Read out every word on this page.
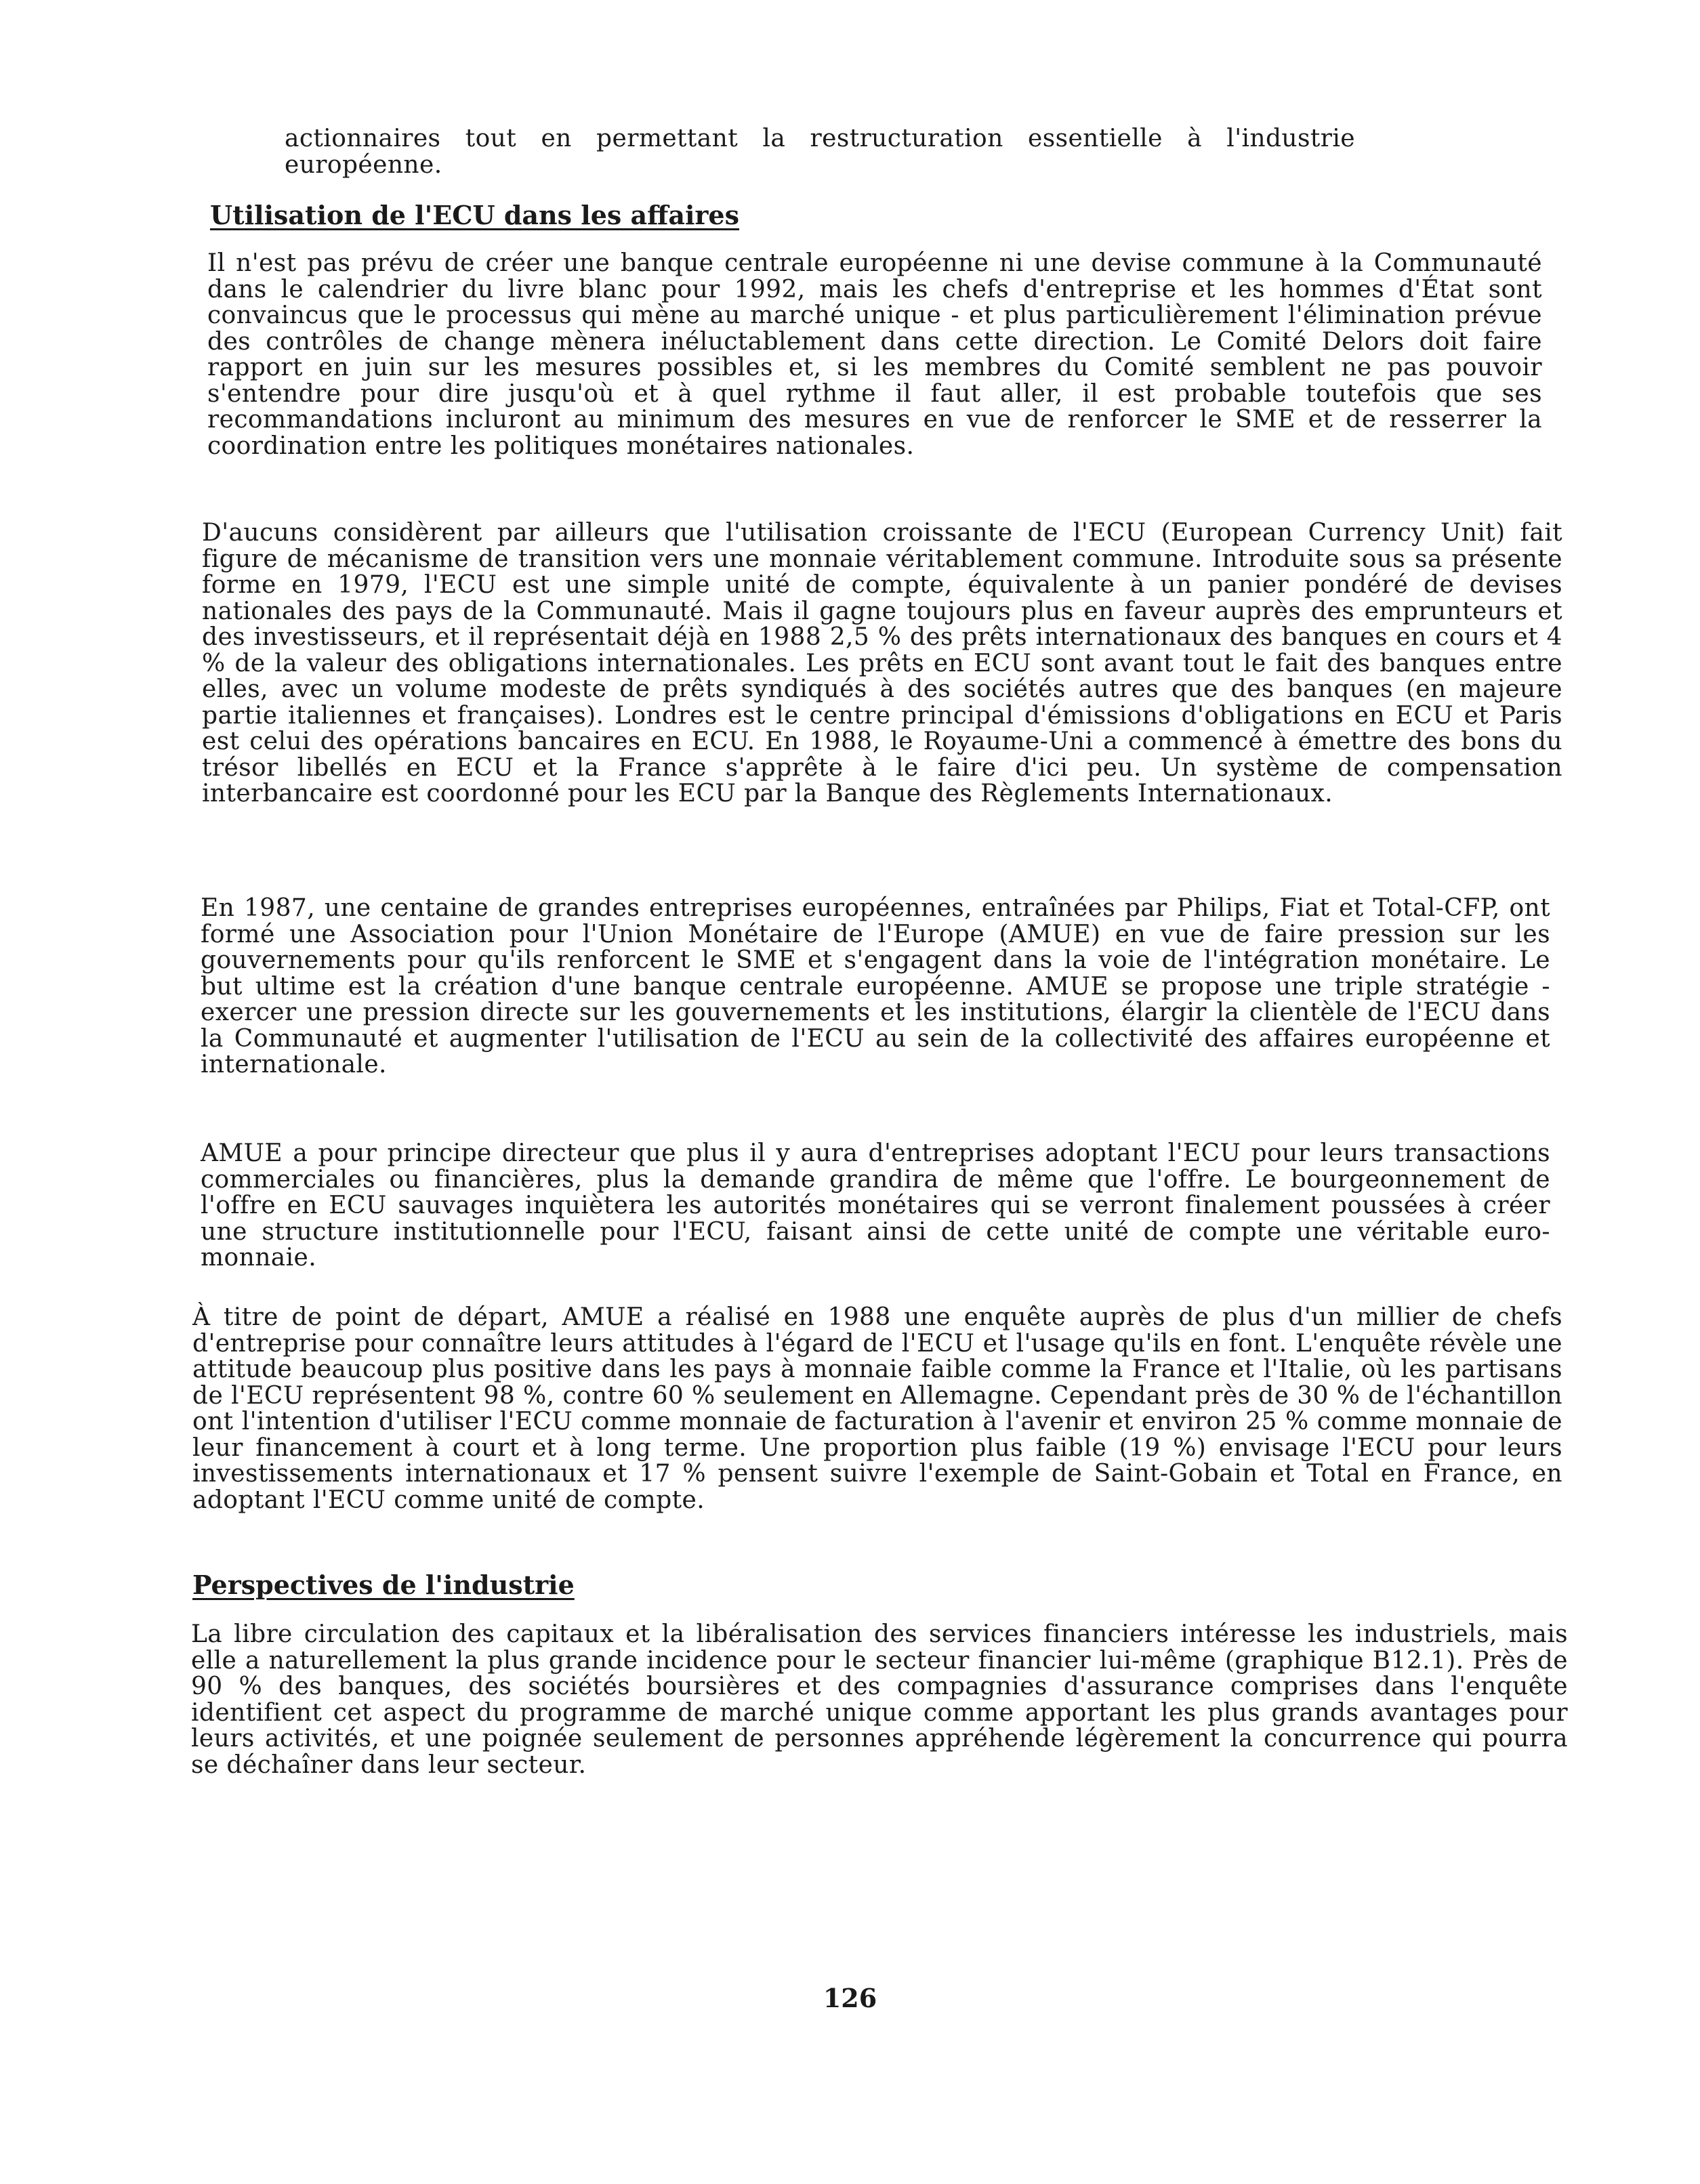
actionnaires tout en permettant la restructuration essentielle à l'industrie européenne.

Utilisation de l'ECU dans les affaires

Il n'est pas prévu de créer une banque centrale européenne ni une devise commune à la Communauté dans le calendrier du livre blanc pour 1992, mais les chefs d'entreprise et les hommes d'État sont convaincus que le processus qui mène au marché unique - et plus particulièrement l'élimination prévue des contrôles de change mènera inéluctablement dans cette direction. Le Comité Delors doit faire rapport en juin sur les mesures possibles et, si les membres du Comité semblent ne pas pouvoir s'entendre pour dire jusqu'où et à quel rythme il faut aller, il est probable toutefois que ses recommandations incluront au minimum des mesures en vue de renforcer le SME et de resserrer la coordination entre les politiques monétaires nationales.

D'aucuns considèrent par ailleurs que l'utilisation croissante de l'ECU (European Currency Unit) fait figure de mécanisme de transition vers une monnaie véritablement commune. Introduite sous sa présente forme en 1979, l'ECU est une simple unité de compte, équivalente à un panier pondéré de devises nationales des pays de la Communauté. Mais il gagne toujours plus en faveur auprès des emprunteurs et des investisseurs, et il représentait déjà en 1988 2,5 % des prêts internationaux des banques en cours et 4 % de la valeur des obligations internationales. Les prêts en ECU sont avant tout le fait des banques entre elles, avec un volume modeste de prêts syndiqués à des sociétés autres que des banques (en majeure partie italiennes et françaises). Londres est le centre principal d'émissions d'obligations en ECU et Paris est celui des opérations bancaires en ECU. En 1988, le Royaume-Uni a commencé à émettre des bons du trésor libellés en ECU et la France s'apprête à le faire d'ici peu. Un système de compensation interbancaire est coordonné pour les ECU par la Banque des Règlements Internationaux.

En 1987, une centaine de grandes entreprises européennes, entraînées par Philips, Fiat et Total-CFP, ont formé une Association pour l'Union Monétaire de l'Europe (AMUE) en vue de faire pression sur les gouvernements pour qu'ils renforcent le SME et s'engagent dans la voie de l'intégration monétaire. Le but ultime est la création d'une banque centrale européenne. AMUE se propose une triple stratégie - exercer une pression directe sur les gouvernements et les institutions, élargir la clientèle de l'ECU dans la Communauté et augmenter l'utilisation de l'ECU au sein de la collectivité des affaires européenne et internationale.

AMUE a pour principe directeur que plus il y aura d'entreprises adoptant l'ECU pour leurs transactions commerciales ou financières, plus la demande grandira de même que l'offre. Le bourgeonnement de l'offre en ECU sauvages inquiètera les autorités monétaires qui se verront finalement poussées à créer une structure institutionnelle pour l'ECU, faisant ainsi de cette unité de compte une véritable euro-monnaie.

À titre de point de départ, AMUE a réalisé en 1988 une enquête auprès de plus d'un millier de chefs d'entreprise pour connaître leurs attitudes à l'égard de l'ECU et l'usage qu'ils en font. L'enquête révèle une attitude beaucoup plus positive dans les pays à monnaie faible comme la France et l'Italie, où les partisans de l'ECU représentent 98 %, contre 60 % seulement en Allemagne. Cependant près de 30 % de l'échantillon ont l'intention d'utiliser l'ECU comme monnaie de facturation à l'avenir et environ 25 % comme monnaie de leur financement à court et à long terme. Une proportion plus faible (19 %) envisage l'ECU pour leurs investissements internationaux et 17 % pensent suivre l'exemple de Saint-Gobain et Total en France, en adoptant l'ECU comme unité de compte.

Perspectives de l'industrie

La libre circulation des capitaux et la libéralisation des services financiers intéresse les industriels, mais elle a naturellement la plus grande incidence pour le secteur financier lui-même (graphique B12.1). Près de 90 % des banques, des sociétés boursières et des compagnies d'assurance comprises dans l'enquête identifient cet aspect du programme de marché unique comme apportant les plus grands avantages pour leurs activités, et une poignée seulement de personnes appréhende légèrement la concurrence qui pourra se déchaîner dans leur secteur.

126
